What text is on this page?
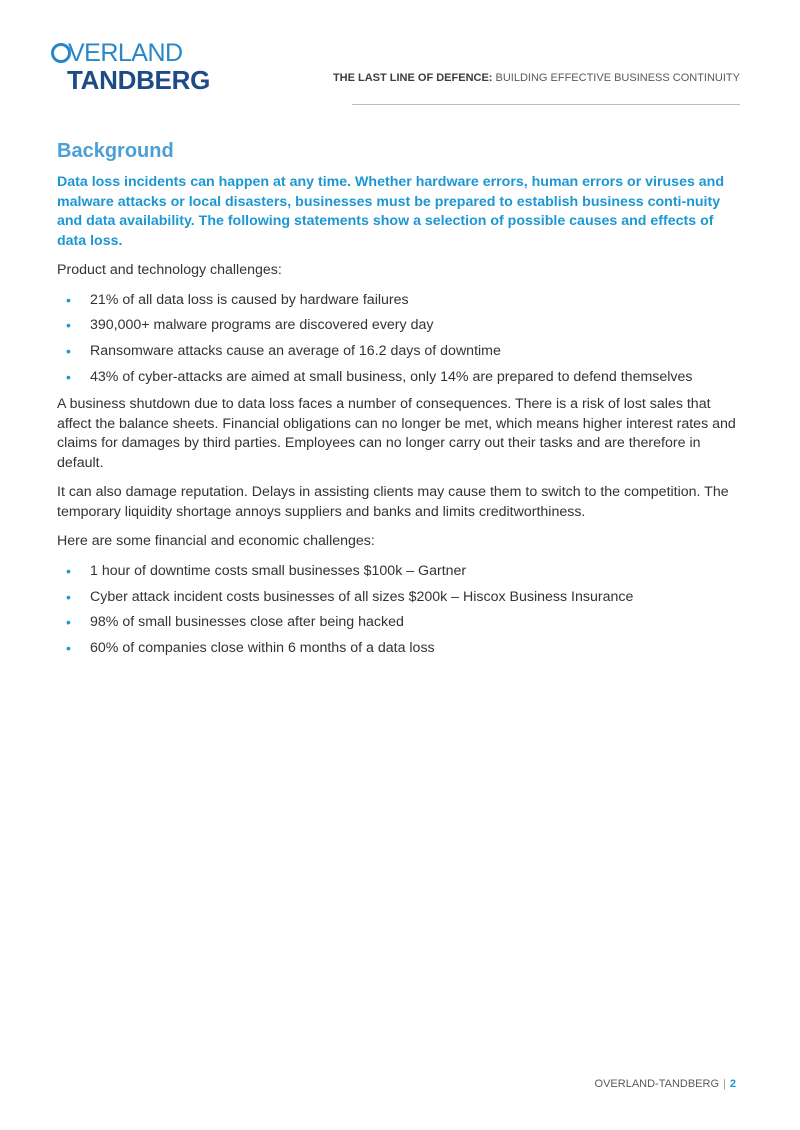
VERLAND
TANDBERG	THE LAST LINE OF DEFENCE: BUILDING EFFECTIVE BUSINESS CONTINUITY
Background

Data loss incidents can happen at any time. Whether hardware errors, human errors or viruses and malware attacks or local disasters, businesses must be prepared to establish business conti-nuity and data availability. The following statements show a selection of possible causes and effects of data loss.

Product and technology challenges:

• 21% of all data loss is caused by hardware failures
• 390,000+ malware programs are discovered every day
• Ransomware attacks cause an average of 16.2 days of downtime
• 43% of cyber-attacks are aimed at small business, only 14% are prepared to defend themselves

A business shutdown due to data loss faces a number of consequences. There is a risk of lost sales that affect the balance sheets. Financial obligations can no longer be met, which means higher interest rates and claims for damages by third parties. Employees can no longer carry out their tasks and are therefore in default.

It can also damage reputation. Delays in assisting clients may cause them to switch to the competition. The temporary liquidity shortage annoys suppliers and banks and limits creditworthiness.

Here are some financial and economic challenges:

• 1 hour of downtime costs small businesses $100k – Gartner
• Cyber attack incident costs businesses of all sizes $200k – Hiscox Business Insurance
• 98% of small businesses close after being hacked
• 60% of companies close within 6 months of a data loss
OVERLAND-TANDBERG | 2
